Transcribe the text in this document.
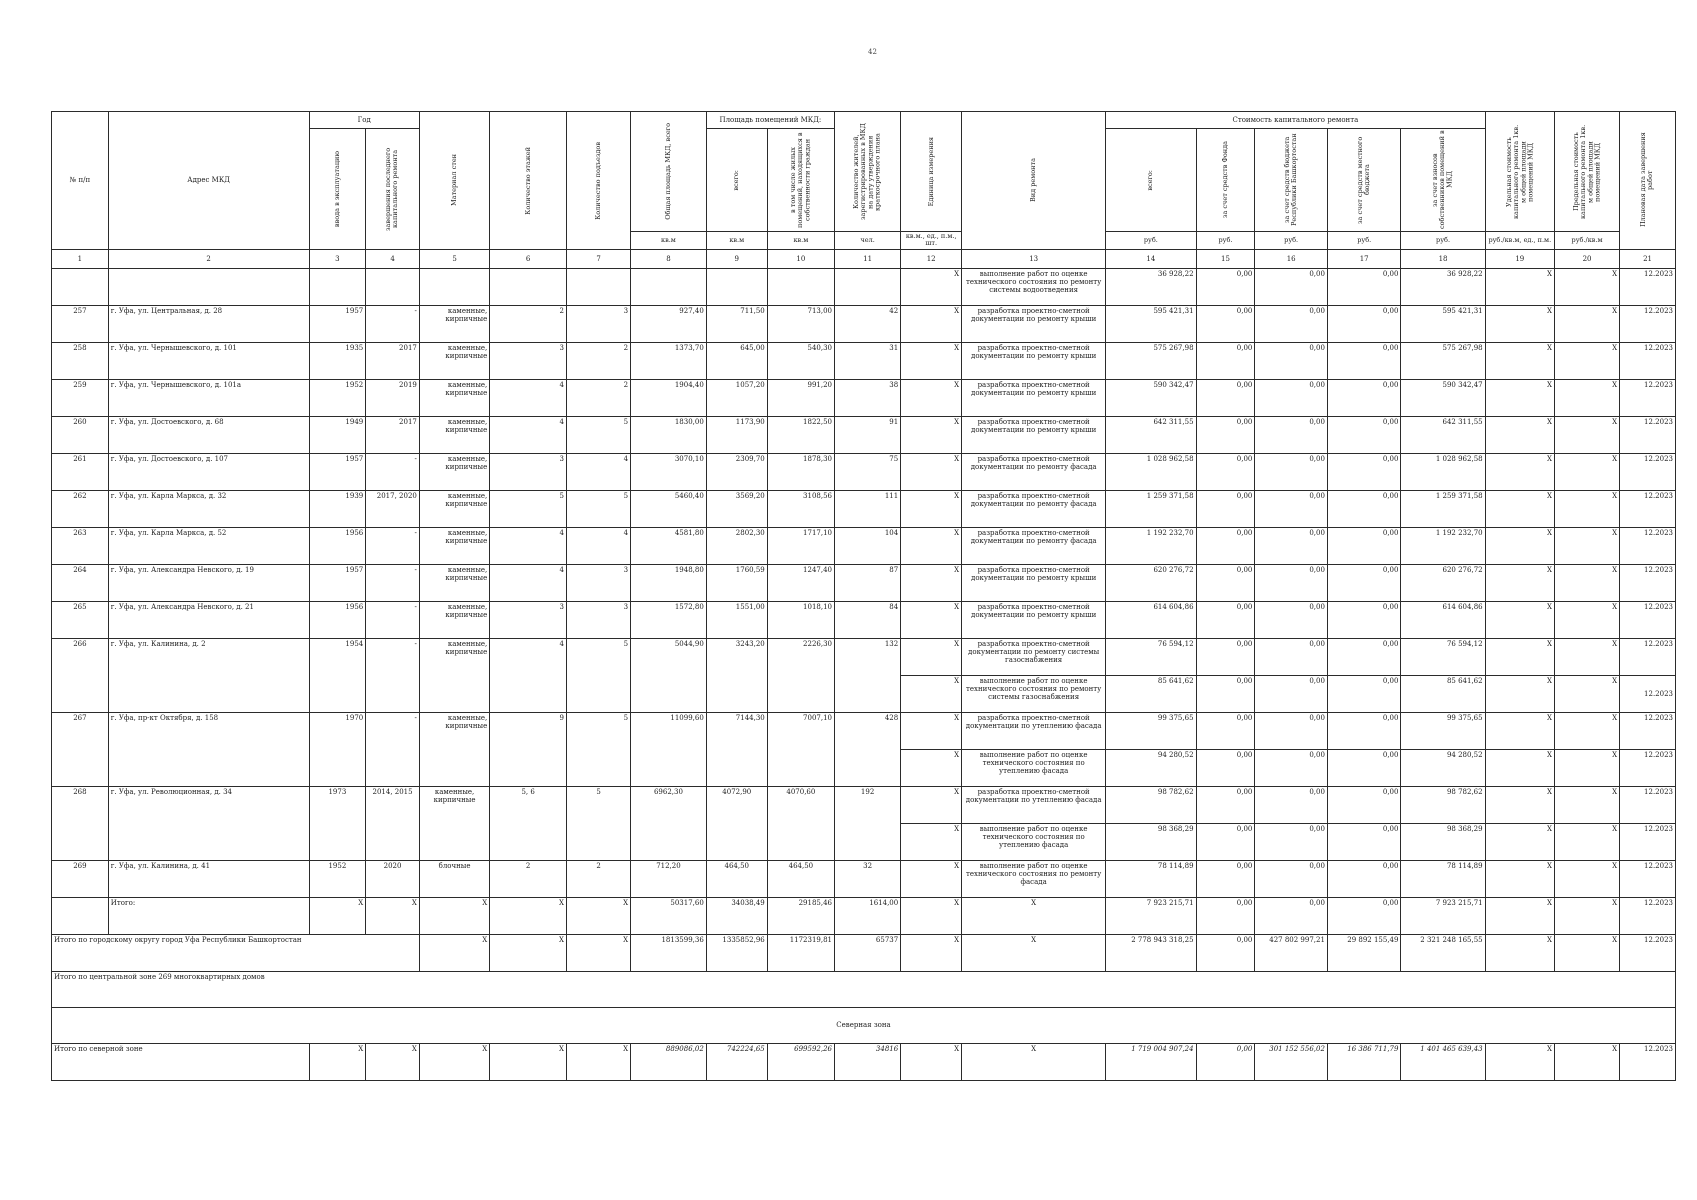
42
№ п/п	Адрес МКД	Год		Материал стен	Количество этажей	Количество подъездов	Общая площадь МКД, всего	Площадь помещений МКД:		Количество жителей, зарегистрированных в МКД на дату утверждения краткосрочного плана	Единица измерения	Вид ремонта	Стоимость капитального ремонта					Удельная стоимость капитального ремонта 1кв. м общей площади помещений МКД	Предельная стоимость капитального ремонта 1кв. м общей площади помещений МКД	Плановая дата завершения работ

		ввода в эксплуатацию	завершения последнего капитального ремонта					всего:	в том числе жилых помещений, находящихся в собственности граждан				всего:	за счет средств Фонда	за счет средств бюджета Республики Башкортостан	за счет средств местного бюджета	за счет взносов собственников помещений в МКД			

							кв.м	кв.м	кв.м	чел.	кв.м., ед., п.м., шт.		руб.	руб.	руб.	руб.	руб.	руб./кв.м, ед., п.м.	руб./кв.м	
1	2	3	4	5	6	7	8	9	10	11	12	13	14	15	16	17	18	19	20	21
											Х	выполнение работ по оценке технического состояния по ремонту системы водоотведения	36 928,22	0,00	0,00	0,00	36 928,22	Х	Х	12.2023
257	г. Уфа, ул. Центральная, д. 28	1957	-	каменные, кирпичные	2	3	927,40	711,50	713,00	42	Х	разработка проектно-сметной документации по ремонту крыши	595 421,31	0,00	0,00	0,00	595 421,31	Х	Х	12.2023
258	г. Уфа, ул. Чернышевского, д. 101	1935	2017	каменные, кирпичные	3	2	1373,70	645,00	540,30	31	Х	разработка проектно-сметной документации по ремонту крыши	575 267,98	0,00	0,00	0,00	575 267,98	Х	Х	12.2023
259	г. Уфа, ул. Чернышевского, д. 101а	1952	2019	каменные, кирпичные	4	2	1904,40	1057,20	991,20	38	Х	разработка проектно-сметной документации по ремонту крыши	590 342,47	0,00	0,00	0,00	590 342,47	Х	Х	12.2023
260	г. Уфа, ул. Достоевского, д. 68	1949	2017	каменные, кирпичные	4	5	1830,00	1173,90	1822,50	91	Х	разработка проектно-сметной документации по ремонту крыши	642 311,55	0,00	0,00	0,00	642 311,55	Х	Х	12.2023
261	г. Уфа, ул. Достоевского, д. 107	1957	-	каменные, кирпичные	3	4	3070,10	2309,70	1878,30	75	Х	разработка проектно-сметной документации по ремонту фасада	1 028 962,58	0,00	0,00	0,00	1 028 962,58	Х	Х	12.2023
262	г. Уфа, ул. Карла Маркса, д. 32	1939	2017, 2020	каменные, кирпичные	5	5	5460,40	3569,20	3108,56	111	Х	разработка проектно-сметной документации по ремонту фасада	1 259 371,58	0,00	0,00	0,00	1 259 371,58	Х	Х	12.2023
263	г. Уфа, ул. Карла Маркса, д. 52	1956	-	каменные, кирпичные	4	4	4581,80	2802,30	1717,10	104	Х	разработка проектно-сметной документации по ремонту фасада	1 192 232,70	0,00	0,00	0,00	1 192 232,70	Х	Х	12.2023
264	г. Уфа, ул. Александра Невского, д. 19	1957	-	каменные, кирпичные	4	3	1948,80	1760,59	1247,40	87	Х	разработка проектно-сметной документации по ремонту крыши	620 276,72	0,00	0,00	0,00	620 276,72	Х	Х	12.2023
265	г. Уфа, ул. Александра Невского, д. 21	1956	-	каменные, кирпичные	3	3	1572,80	1551,00	1018,10	84	Х	разработка проектно-сметной документации по ремонту крыши	614 604,86	0,00	0,00	0,00	614 604,86	Х	Х	12.2023
266	г. Уфа, ул. Калинина, д. 2	1954	-	каменные, кирпичные	4	5	5044,90	3243,20	2226,30	132	Х	разработка проектно-сметной документации по ремонту системы газоснабжения	76 594,12	0,00	0,00	0,00	76 594,12	Х	Х	12.2023
											Х	выполнение работ по оценке технического состояния по ремонту системы газоснабжения	85 641,62	0,00	0,00	0,00	85 641,62	Х	Х	12.2023
267	г. Уфа, пр-кт Октября, д. 158	1970	-	каменные, кирпичные	9	5	11099,60	7144,30	7007,10	428	Х	разработка проектно-сметной документации по утеплению фасада	99 375,65	0,00	0,00	0,00	99 375,65	Х	Х	12.2023
											Х	выполнение работ по оценке технического состояния по утеплению фасада	94 280,52	0,00	0,00	0,00	94 280,52	Х	Х	12.2023
268	г. Уфа, ул. Революционная, д. 34	1973	2014, 2015	каменные, кирпичные	5, 6	5	6962,30	4072,90	4070,60	192	Х	разработка проектно-сметной документации по утеплению фасада	98 782,62	0,00	0,00	0,00	98 782,62	Х	Х	12.2023
											Х	выполнение работ по оценке технического состояния по утеплению фасада	98 368,29	0,00	0,00	0,00	98 368,29	Х	Х	12.2023
269	г. Уфа, ул. Калинина, д. 41	1952	2020	блочные	2	2	712,20	464,50	464,50	32	Х	выполнение работ по оценке технического состояния по ремонту фасада	78 114,89	0,00	0,00	0,00	78 114,89	Х	Х	12.2023
	Итого:	Х	Х	Х	Х	Х	50317,60	34038,49	29185,46	1614,00	Х	Х	7 923 215,71	0,00	0,00	0,00	7 923 215,71	Х	Х	12.2023
Итого по городскому округу город Уфа Республики Башкортостан				Х	Х	Х	1813599,36	1335852,96	1172319,81	65737	Х	Х	2 778 943 318,25	0,00	427 802 997,21	29 892 155,49	2 321 248 165,55	Х	Х	12.2023
Итого по центральной зоне 269 многоквартирных домов																				
Северная зона																				
Итого по северной зоне		Х	Х	Х	Х	Х	889086,02	742224,65	699592,26	34816	Х	Х	1 719 004 907,24	0,00	301 152 556,02	16 386 711,79	1 401 465 639,43	Х	Х	12.2023
